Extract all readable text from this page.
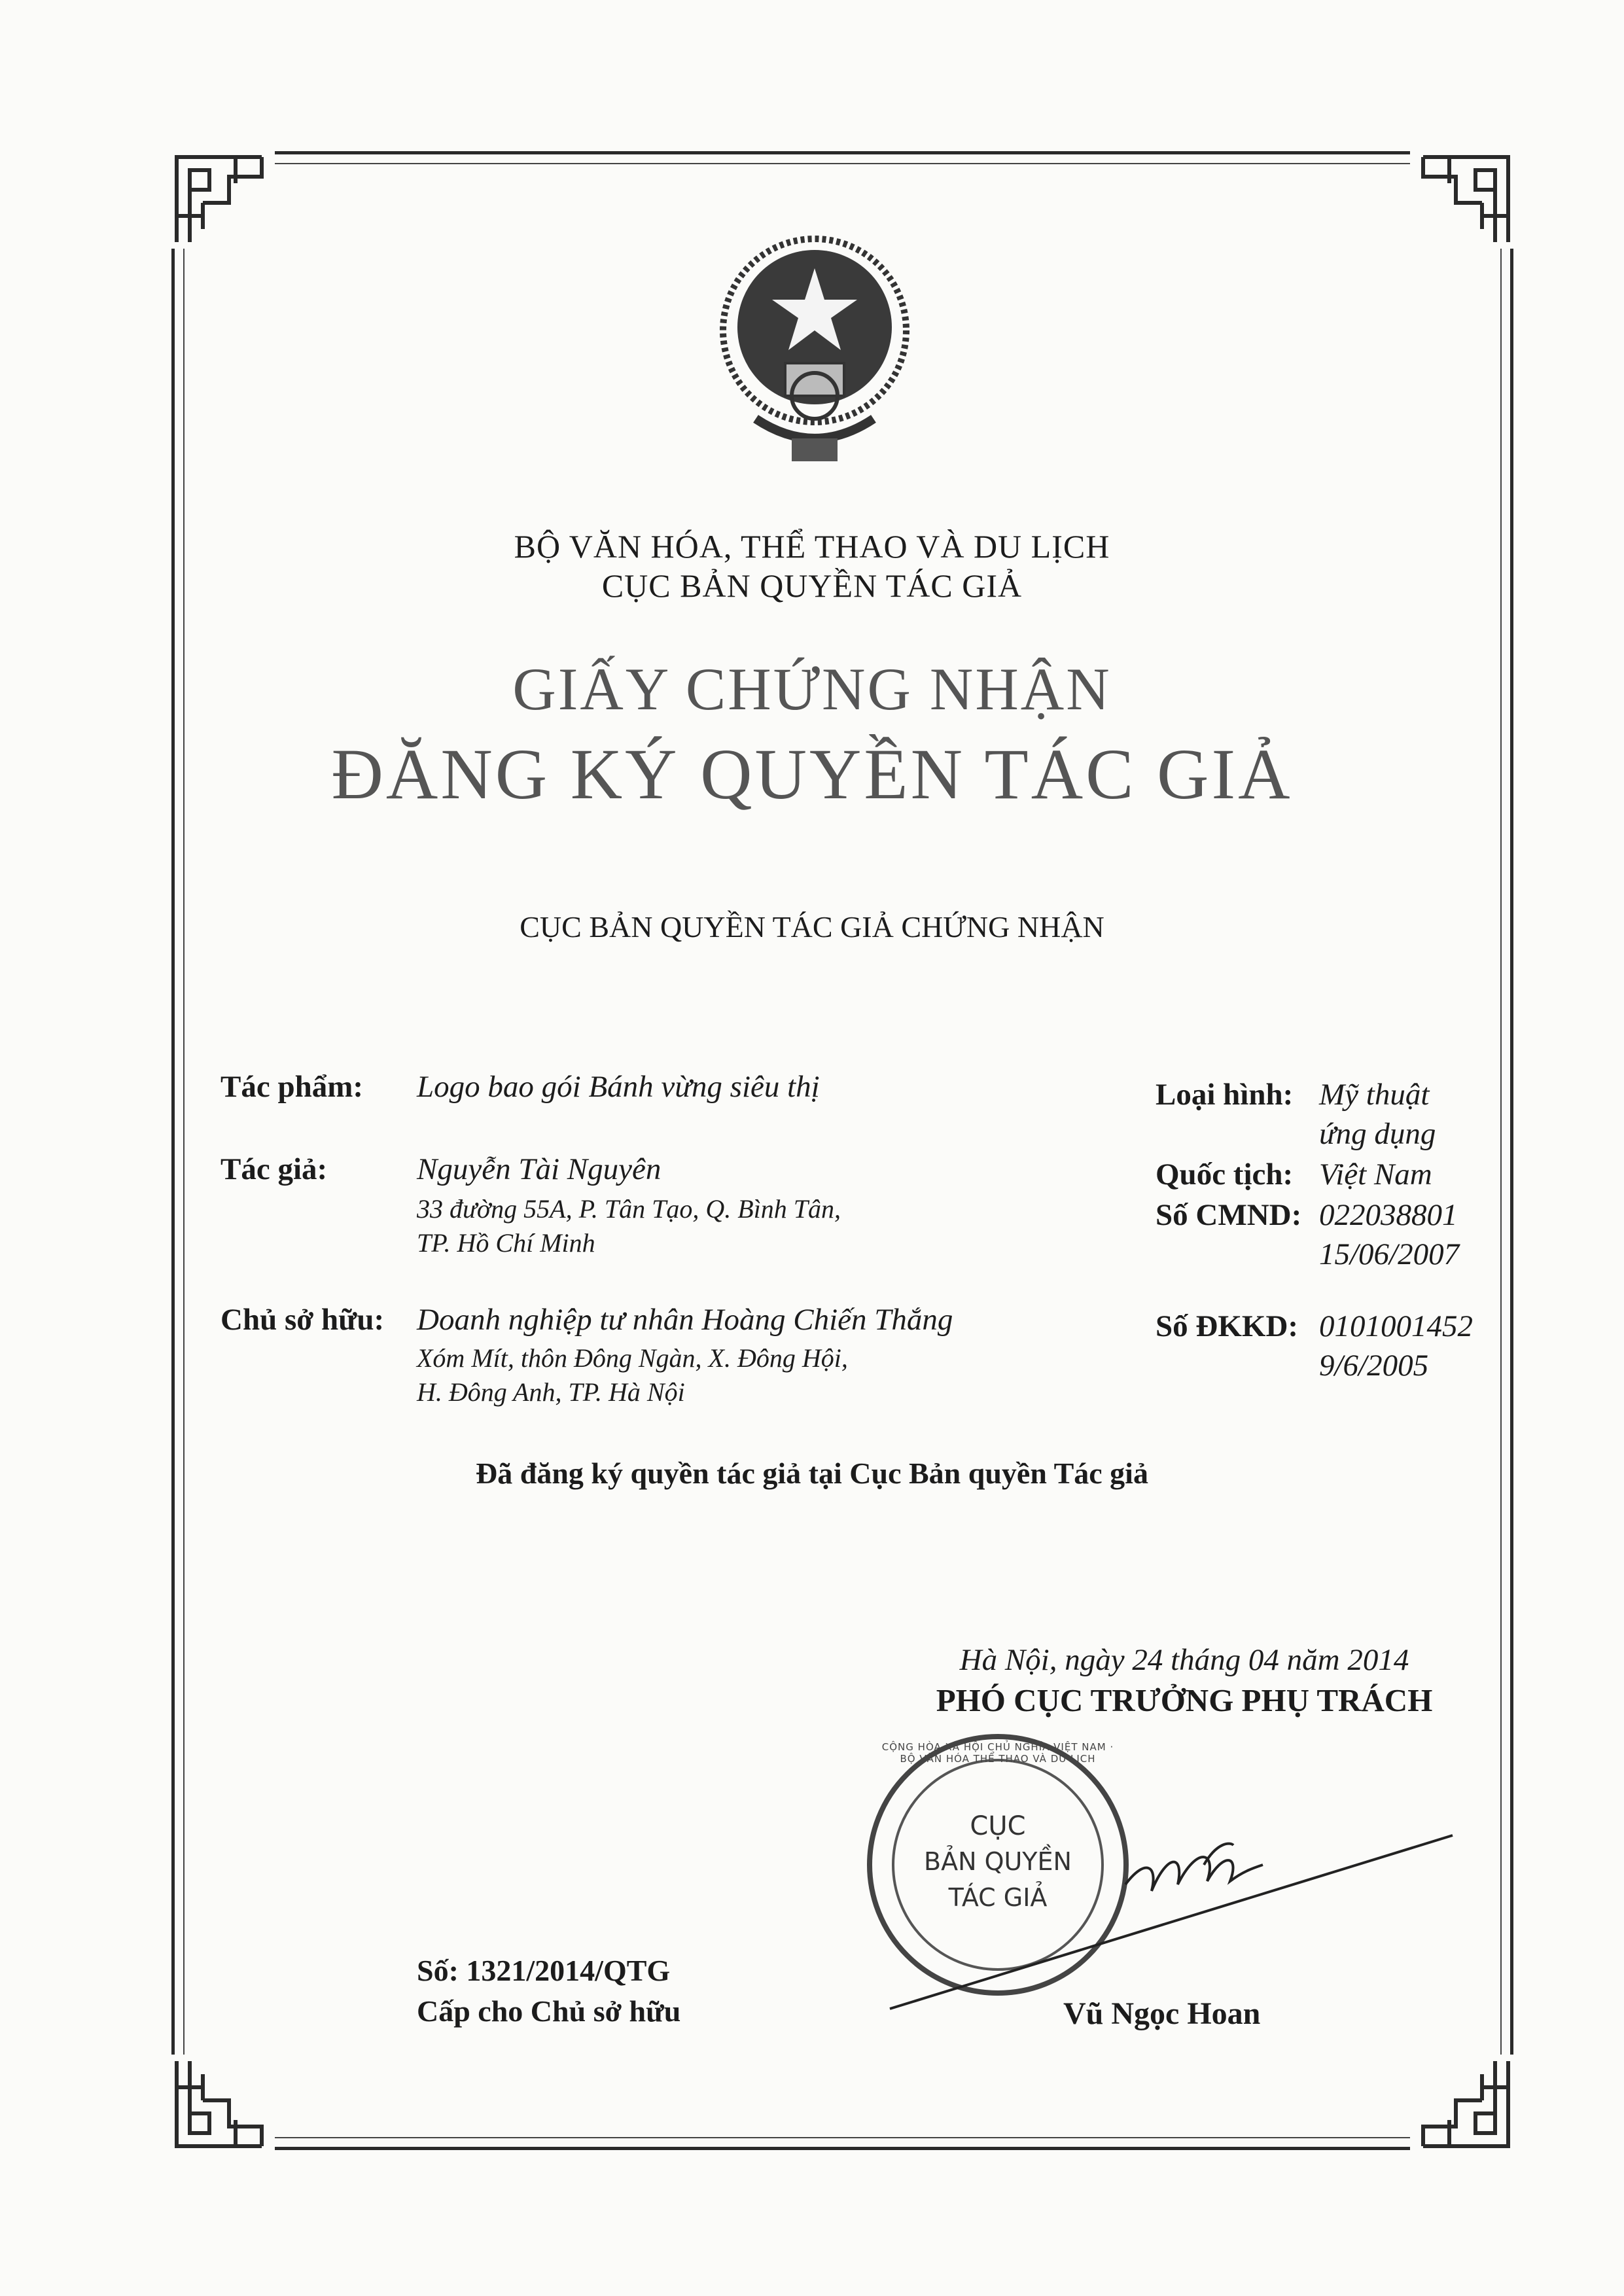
BỘ VĂN HÓA, THỂ THAO VÀ DU LỊCH
CỤC BẢN QUYỀN TÁC GIẢ
GIẤY CHỨNG NHẬN
ĐĂNG KÝ QUYỀN TÁC GIẢ
CỤC BẢN QUYỀN TÁC GIẢ CHỨNG NHẬN
Tác phẩm: Logo bao gói Bánh vừng siêu thị	Loại hình: Mỹ thuật
ứng dụng
Tác giả:	Nguyễn Tài Nguyên
33 đường 55A, P. Tân Tạo, Q. Bình Tân,
TP. Hồ Chí Minh
Quốc tịch: Việt Nam
Số CMND: 022038801
15/06/2007
Chủ sở hữu: Doanh nghiệp tư nhân Hoàng Chiến Thắng
Xóm Mít, thôn Đông Ngàn, X. Đông Hội,
H. Đông Anh, TP. Hà Nội
Số ĐKKD: 0101001452
9/6/2005
Đã đăng ký quyền tác giả tại Cục Bản quyền Tác giả
Hà Nội, ngày 24 tháng 04 năm 2014
PHÓ CỤC TRƯỞNG PHỤ TRÁCH
CỘNG HÒA XÃ HỘI CHỦ NGHĨA VIỆT NAM · BỘ VĂN HÓA THỂ THAO VÀ DU LỊCH
CỤC
BẢN QUYỀN
TÁC GIẢ
Vũ Ngọc Hoan
Số: 1321/2014/QTG
Cấp cho Chủ sở hữu
